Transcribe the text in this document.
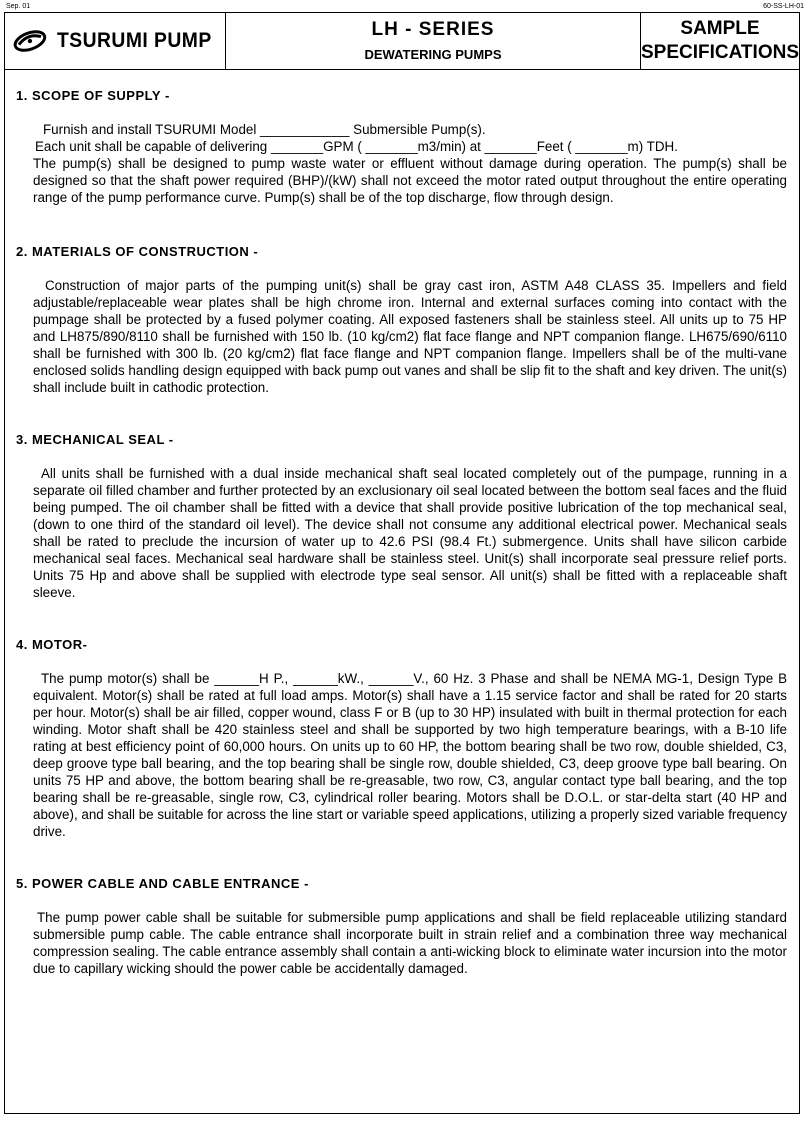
Sep. 01	60-SS-LH-01
TSURUMI PUMP	LH - SERIES
DEWATERING PUMPS
SAMPLE
SPECIFICATIONS
1. SCOPE OF SUPPLY -
Furnish and install TSURUMI Model ____________ Submersible Pump(s).
Each unit shall be capable of delivering _______GPM ( _______m3/min) at _______Feet ( _______m) TDH.
The pump(s) shall be designed to pump waste water or effluent without damage during operation. The pump(s) shall be designed so that the shaft power required (BHP)/(kW) shall not exceed the motor rated output throughout the entire operating range of the pump performance curve. Pump(s) shall be of the top discharge, flow through design.
2. MATERIALS OF CONSTRUCTION -
Construction of major parts of the pumping unit(s) shall be gray cast iron, ASTM A48 CLASS 35. Impellers and field adjustable/replaceable wear plates shall be high chrome iron. Internal and external surfaces coming into contact with the pumpage shall be protected by a fused polymer coating. All exposed fasteners shall be stainless steel. All units up to 75 HP and LH875/890/8110 shall be furnished with 150 lb. (10 kg/cm2) flat face flange and NPT companion flange. LH675/690/6110 shall be furnished with 300 lb. (20 kg/cm2) flat face flange and NPT companion flange. Impellers shall be of the multi-vane enclosed solids handling design equipped with back pump out vanes and shall be slip fit to the shaft and key driven. The unit(s) shall include built in cathodic protection.
3. MECHANICAL SEAL -
All units shall be furnished with a dual inside mechanical shaft seal located completely out of the pumpage, running in a separate oil filled chamber and further protected by an exclusionary oil seal located between the bottom seal faces and the fluid being pumped. The oil chamber shall be fitted with a device that shall provide positive lubrication of the top mechanical seal, (down to one third of the standard oil level). The device shall not consume any additional electrical power. Mechanical seals shall be rated to preclude the incursion of water up to 42.6 PSI (98.4 Ft.) submergence. Units shall have silicon carbide mechanical seal faces. Mechanical seal hardware shall be stainless steel. Unit(s) shall incorporate seal pressure relief ports. Units 75 Hp and above shall be supplied with electrode type seal sensor. All unit(s) shall be fitted with a replaceable shaft sleeve.
4. MOTOR-
The pump motor(s) shall be ______H P., ______kW., ______V., 60 Hz. 3 Phase and shall be NEMA MG-1, Design Type B equivalent. Motor(s) shall be rated at full load amps. Motor(s) shall have a 1.15 service factor and shall be rated for 20 starts per hour. Motor(s) shall be air filled, copper wound, class F or B (up to 30 HP) insulated with built in thermal protection for each winding. Motor shaft shall be 420 stainless steel and shall be supported by two high temperature bearings, with a B-10 life rating at best efficiency point of 60,000 hours. On units up to 60 HP, the bottom bearing shall be two row, double shielded, C3, deep groove type ball bearing, and the top bearing shall be single row, double shielded, C3, deep groove type ball bearing. On units 75 HP and above, the bottom bearing shall be re-greasable, two row, C3, angular contact type ball bearing, and the top bearing shall be re-greasable, single row, C3, cylindrical roller bearing. Motors shall be D.O.L. or star-delta start (40 HP and above), and shall be suitable for across the line start or variable speed applications, utilizing a properly sized variable frequency drive.
5. POWER CABLE AND CABLE ENTRANCE -
The pump power cable shall be suitable for submersible pump applications and shall be field replaceable utilizing standard submersible pump cable. The cable entrance shall incorporate built in strain relief and a combination three way mechanical compression sealing. The cable entrance assembly shall contain a anti-wicking block to eliminate water incursion into the motor due to capillary wicking should the power cable be accidentally damaged.
